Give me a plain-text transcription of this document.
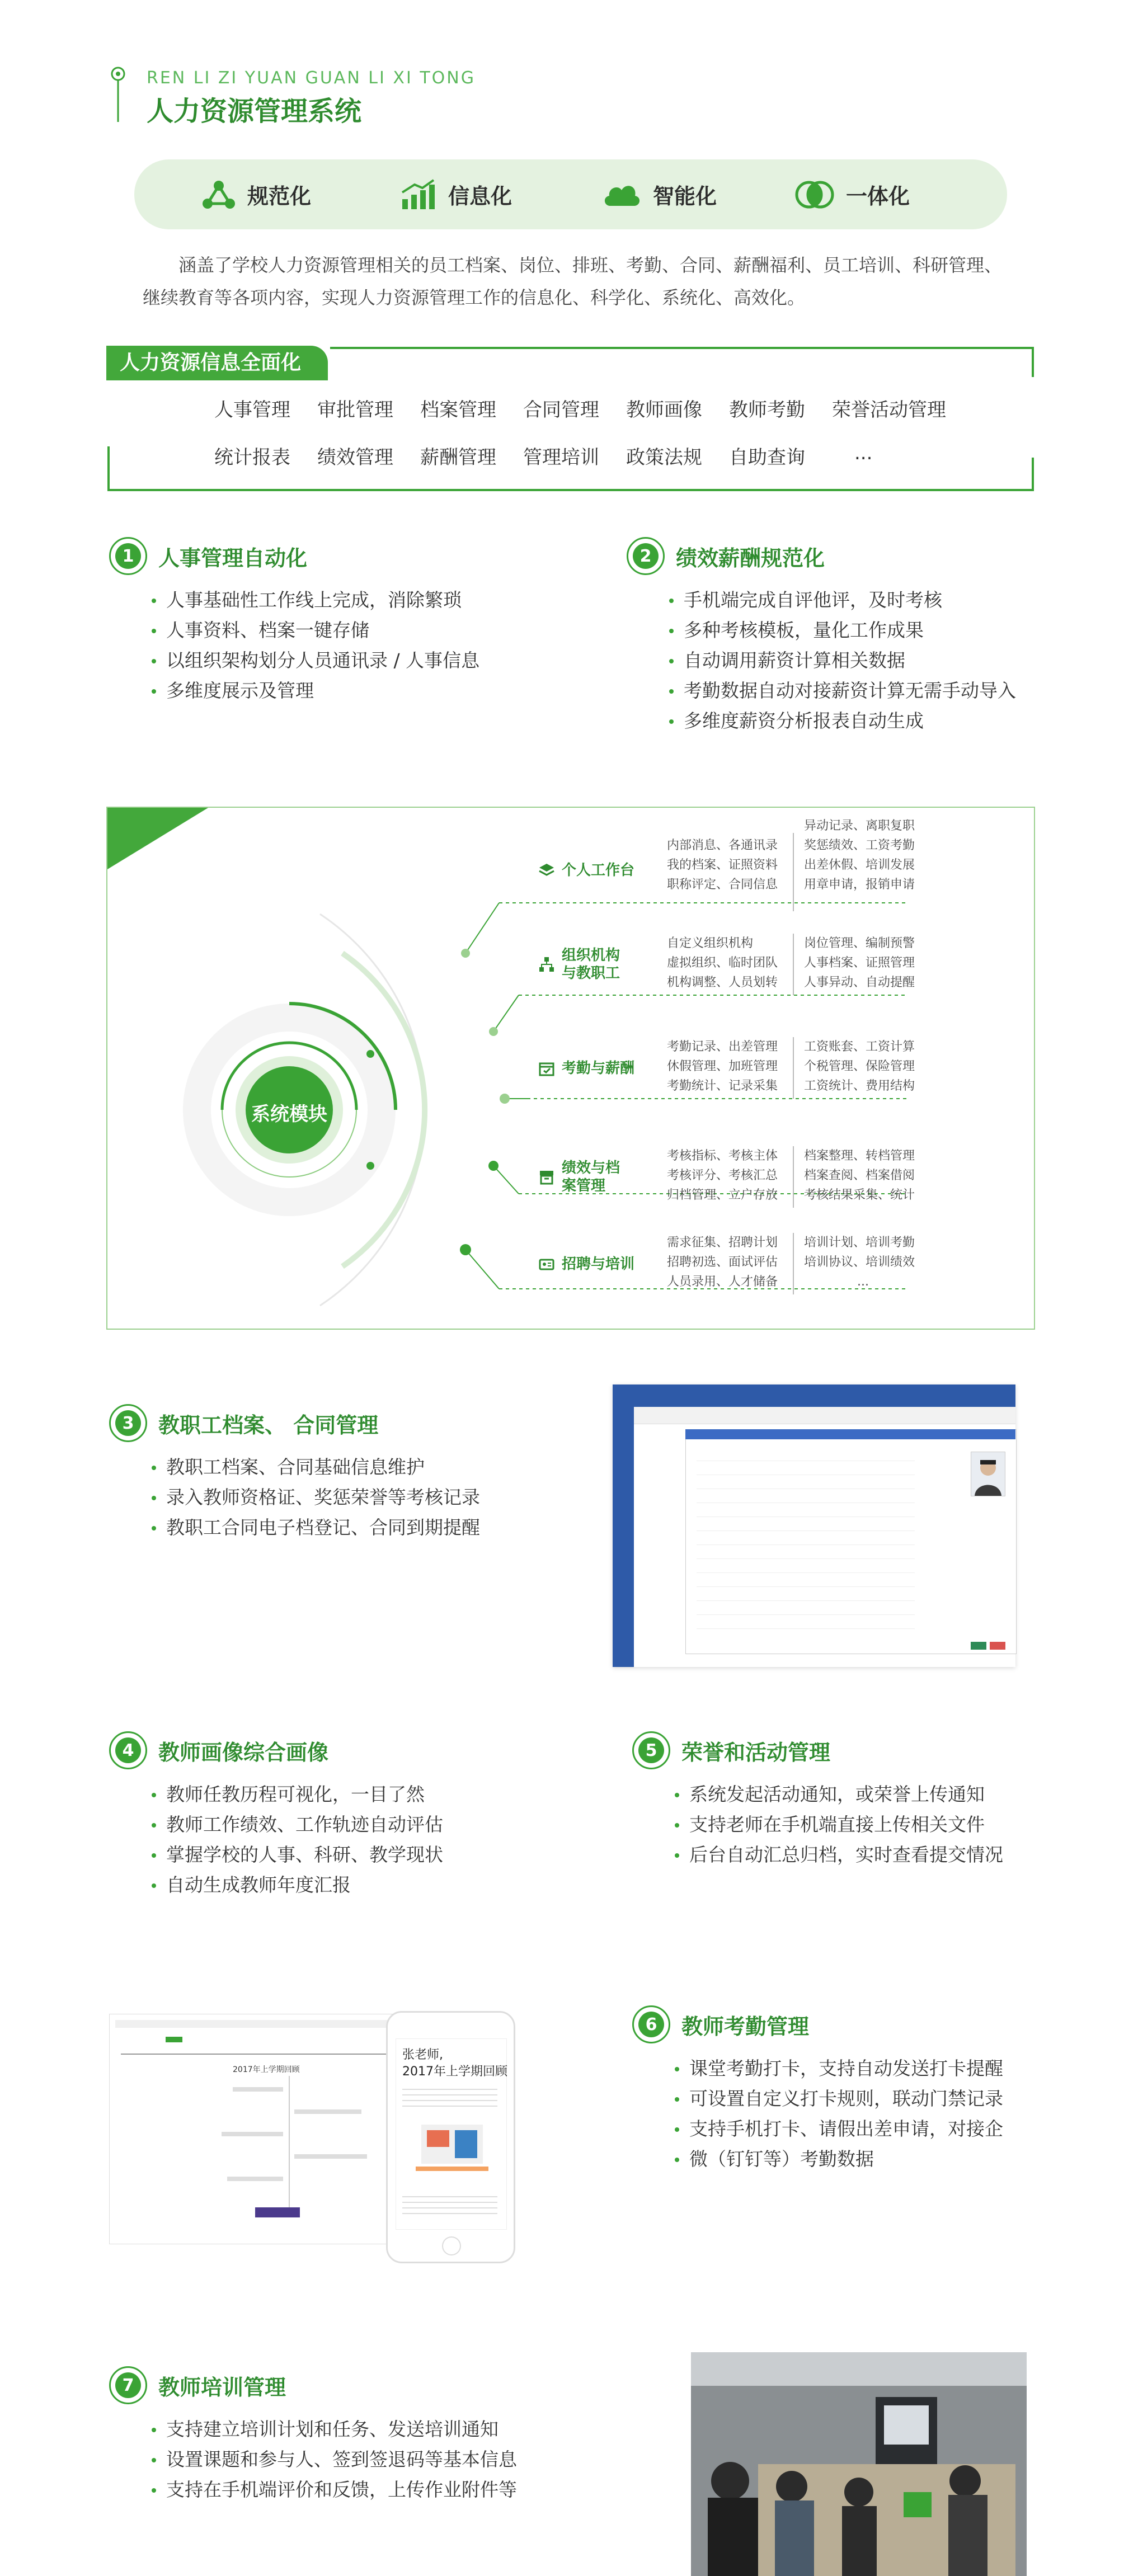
REN LI ZI YUAN GUAN LI XI TONG
人力资源管理系统
规范化	信息化	智能化	一体化
涵盖了学校人力资源管理相关的员工档案、岗位、排班、考勤、合同、薪酬福利、员工培训、科研管理、继续教育等各项内容，实现人力资源管理工作的信息化、科学化、系统化、高效化。
人力资源信息全面化
人事管理 审批管理 档案管理 合同管理 教师画像 教师考勤 荣誉活动管理
统计报表 绩效管理 薪酬管理 管理培训 政策法规 自助查询	...
1	人事管理自动化
人事基础性工作线上完成，消除繁琐
人事资料、档案一键存储
以组织架构划分人员通讯录 / 人事信息
多维度展示及管理
2	绩效薪酬规范化
手机端完成自评他评，及时考核
多种考核模板，量化工作成果
自动调用薪资计算相关数据
考勤数据自动对接薪资计算无需手动导入
多维度薪资分析报表自动生成
系统模块
个人工作台
内部消息、各通讯录
我的档案、证照资料
职称评定、合同信息
异动记录、离职复职
奖惩绩效、工资考勤
出差休假、培训发展
用章申请，报销申请
组织机构
与教职工
自定义组织机构
虚拟组织、临时团队
机构调整、人员划转
岗位管理、编制预警
人事档案、证照管理
人事异动、自动提醒
考勤与薪酬
考勤记录、出差管理
休假管理、加班管理
考勤统计、记录采集
工资账套、工资计算
个税管理、保险管理
工资统计、费用结构
绩效与档
案管理
考核指标、考核主体
考核评分、考核汇总
归档管理、立户存放
档案整理、转档管理
档案查阅、档案借阅
考核结果采集、统计
招聘与培训
需求征集、招聘计划
招聘初选、面试评估
人员录用、人才储备
培训计划、培训考勤
培训协议、培训绩效
...
3	教职工档案、 合同管理
教职工档案、合同基础信息维护
录入教师资格证、奖惩荣誉等考核记录
教职工合同电子档登记、合同到期提醒
4	教师画像综合画像
教师任教历程可视化，一目了然
教师工作绩效、工作轨迹自动评估
掌握学校的人事、科研、教学现状
自动生成教师年度汇报
5	荣誉和活动管理
系统发起活动通知，或荣誉上传通知
支持老师在手机端直接上传相关文件
后台自动汇总归档，实时查看提交情况
2017年上学期回顾
张老师,
2017年上学期回顾
6	教师考勤管理
课堂考勤打卡，支持自动发送打卡提醒
可设置自定义打卡规则，联动门禁记录
支持手机打卡、请假出差申请，对接企
微（钉钉等）考勤数据
7	教师培训管理
支持建立培训计划和任务、发送培训通知
设置课题和参与人、签到签退码等基本信息
支持在手机端评价和反馈，上传作业附件等
